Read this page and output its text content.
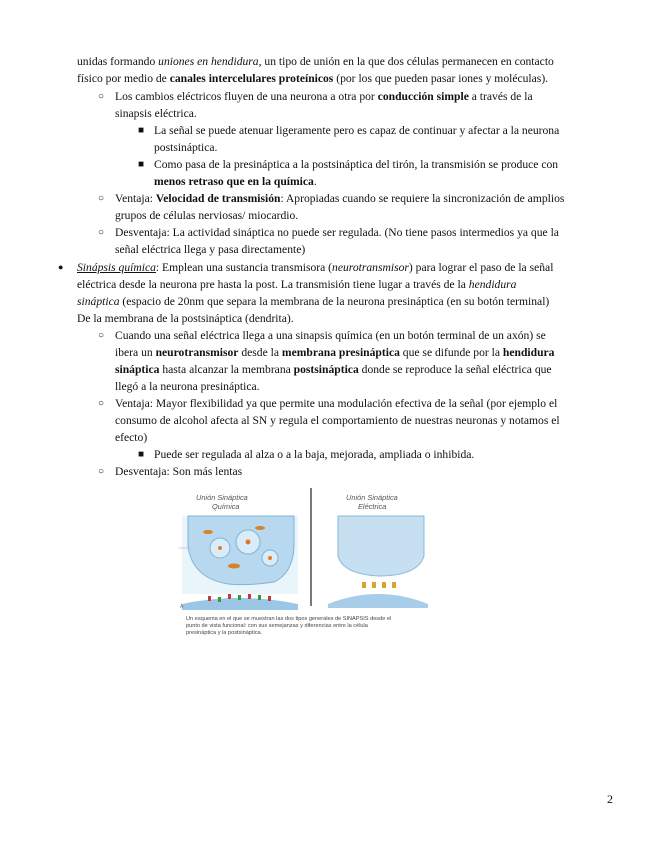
unidas formando uniones en hendidura, un tipo de unión en la que dos células permanecen en contacto
físico por medio de canales intercelulares proteínicos (por los que pueden pasar iones y moléculas).
○ Los cambios eléctricos fluyen de una neurona a otra por conducción simple a través de la
sinapsis eléctrica.
■ La señal se puede atenuar ligeramente pero es capaz de continuar y afectar a la neurona
postsináptica.
■ Como pasa de la presináptica a la postsináptica del tirón, la transmisión se produce con
menos retraso que en la química.
○ Ventaja: Velocidad de transmisión: Apropiadas cuando se requiere la sincronización de amplios
grupos de células nerviosas/ miocardio.
○ Desventaja: La actividad sináptica no puede ser regulada. (No tiene pasos intermedios ya que la
señal eléctrica llega y pasa directamente)
● Sinápsis química: Emplean una sustancia transmisora (neurotransmisor) para lograr el paso de la señal
eléctrica desde la neurona pre hasta la post. La transmisión tiene lugar a través de la hendidura
sináptica (espacio de 20nm que separa la membrana de la neurona presináptica (en su botón terminal)
De la membrana de la postsináptica (dendrita).
○ Cuando una señal eléctrica llega a una sinapsis química (en un botón terminal de un axón) se
ibera un neurotransmisor desde la membrana presináptica que se difunde por la hendidura
sináptica hasta alcanzar la membrana postsináptica donde se reproduce la señal eléctrica que
llegó a la neurona presináptica.
○ Ventaja: Mayor flexibilidad ya que permite una modulación efectiva de la señal (por ejemplo el
consumo de alcohol afecta al SN y regula el comportamiento de nuestras neuronas y notamos el
efecto)
■ Puede ser regulada al alza o a la baja, mejorada, ampliada o inhibida.
○ Desventaja: Son más lentas
Unión Sináptica
Química
A
Unión Sináptica
Eléctrica
Un esquema en el que se muestran las dos tipos generales de SINAPSIS desde el
punto de vista funcional: con sus semejanzas y diferencias entre la célula
presináptica y la postsináptica.
2
